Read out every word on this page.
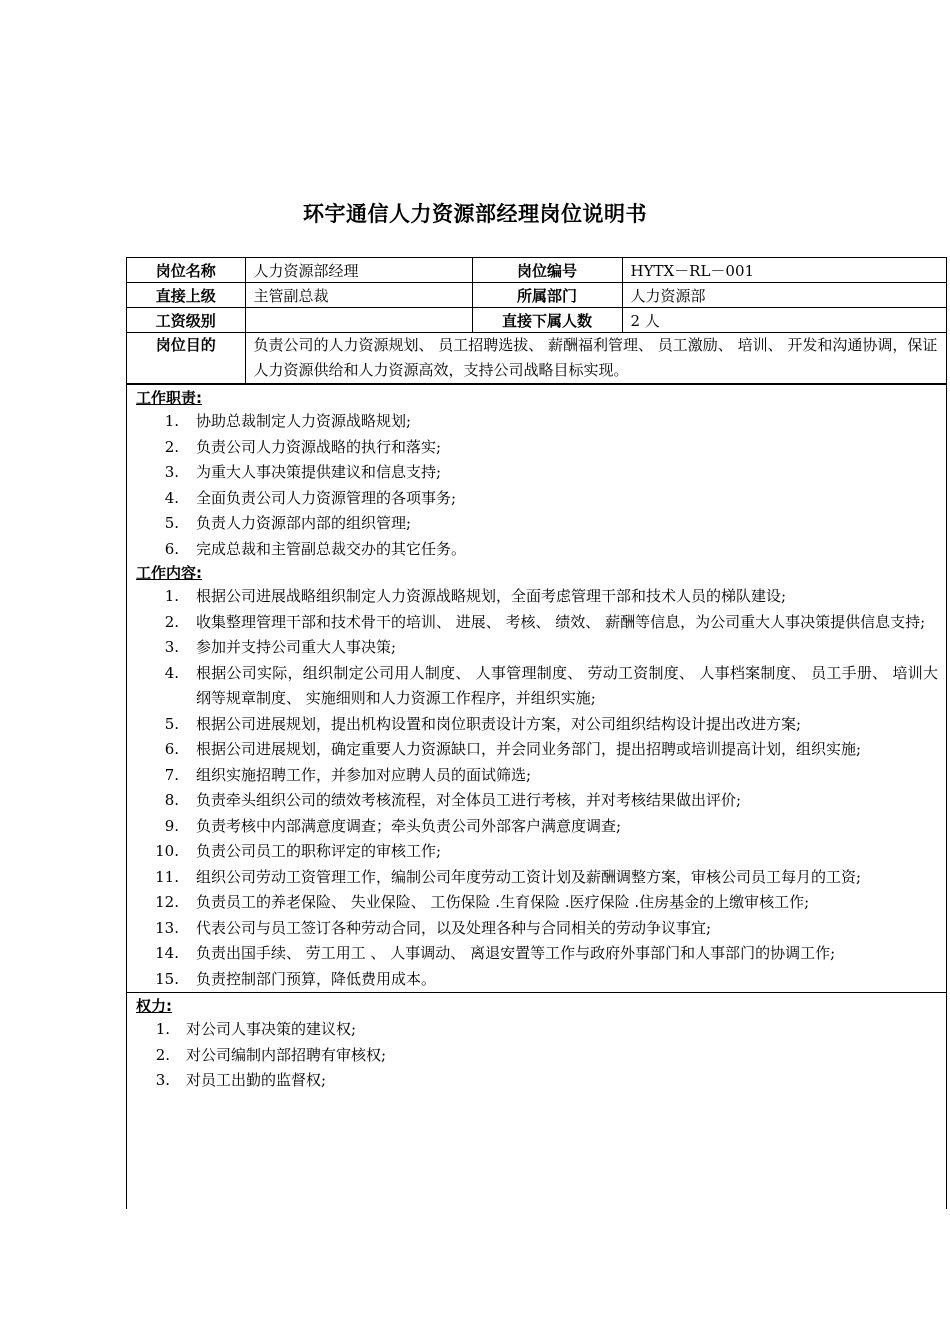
环宇通信人力资源部经理岗位说明书
岗位名称	人力资源部经理	岗位编号	HYTX－RL－001
直接上级	主管副总裁	所属部门	人力资源部
工资级别		直接下属人数	2 人
岗位目的	负责公司的人力资源规划、 员工招聘选拔、 薪酬福利管理、 员工激励、 培训、 开发和沟通协调，保证人力资源供给和人力资源高效，支持公司战略目标实现。		
工作职责:
1.	协助总裁制定人力资源战略规划;
2.	负责公司人力资源战略的执行和落实;
3.	为重大人事决策提供建议和信息支持;
4.	全面负责公司人力资源管理的各项事务;
5.	负责人力资源部内部的组织管理;
6.	完成总裁和主管副总裁交办的其它任务。
工作内容:
1.	根据公司进展战略组织制定人力资源战略规划，全面考虑管理干部和技术人员的梯队建设;
2.	收集整理管理干部和技术骨干的培训、 进展、 考核、 绩效、 薪酬等信息，为公司重大人事决策提供信息支持;
3.	参加并支持公司重大人事决策;
4.	根据公司实际，组织制定公司用人制度、 人事管理制度、 劳动工资制度、 人事档案制度、 员工手册、 培训大纲等规章制度、 实施细则和人力资源工作程序，并组织实施;
5.	根据公司进展规划，提出机构设置和岗位职责设计方案，对公司组织结构设计提出改进方案;
6.	根据公司进展规划，确定重要人力资源缺口，并会同业务部门，提出招聘或培训提高计划，组织实施;
7.	组织实施招聘工作，并参加对应聘人员的面试筛选;
8.	负责牵头组织公司的绩效考核流程，对全体员工进行考核，并对考核结果做出评价;
9.	负责考核中内部满意度调查；牵头负责公司外部客户满意度调查;
10.	负责公司员工的职称评定的审核工作;
11.	组织公司劳动工资管理工作，编制公司年度劳动工资计划及薪酬调整方案，审核公司员工每月的工资;
12.	负责员工的养老保险、 失业保险、 工伤保险 .生育保险 .医疗保险 .住房基金的上缴审核工作;
13.	代表公司与员工签订各种劳动合同，以及处理各种与合同相关的劳动争议事宜;
14.	负责出国手续、 劳工用工 、 人事调动、 离退安置等工作与政府外事部门和人事部门的协调工作;
15.	负责控制部门预算，降低费用成本。
权力:
1.	对公司人事决策的建议权;
2.	对公司编制内部招聘有审核权;
3.	对员工出勤的监督权;
